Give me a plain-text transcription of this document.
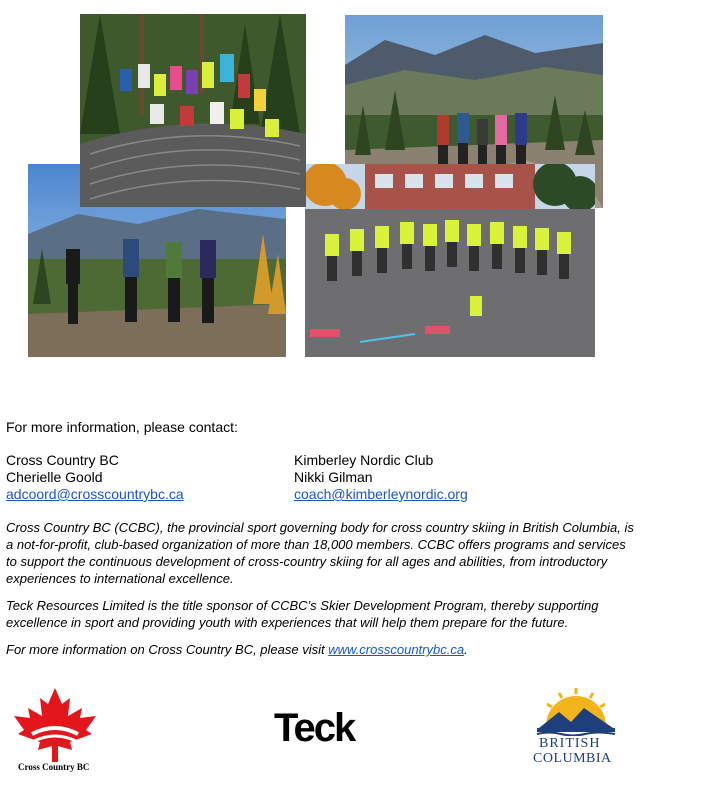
For more information, please contact:
Cross Country BC
Cherielle Goold
adcoord@crosscountrybc.ca
Kimberley Nordic Club
Nikki Gilman
coach@kimberleynordic.org
Cross Country BC (CCBC), the provincial sport governing body for cross country skiing in British Columbia, is a not-for-profit, club-based organization of more than 18,000 members. CCBC offers programs and services to support the continuous development of cross-country skiing for all ages and abilities, from introductory experiences to international excellence.
Teck Resources Limited is the title sponsor of CCBC’s Skier Development Program, thereby supporting excellence in sport and providing youth with experiences that will help them prepare for the future.
For more information on Cross Country BC, please visit www.crosscountrybc.ca.
Cross Country BC
Teck	BRITISH
COLUMBIA
